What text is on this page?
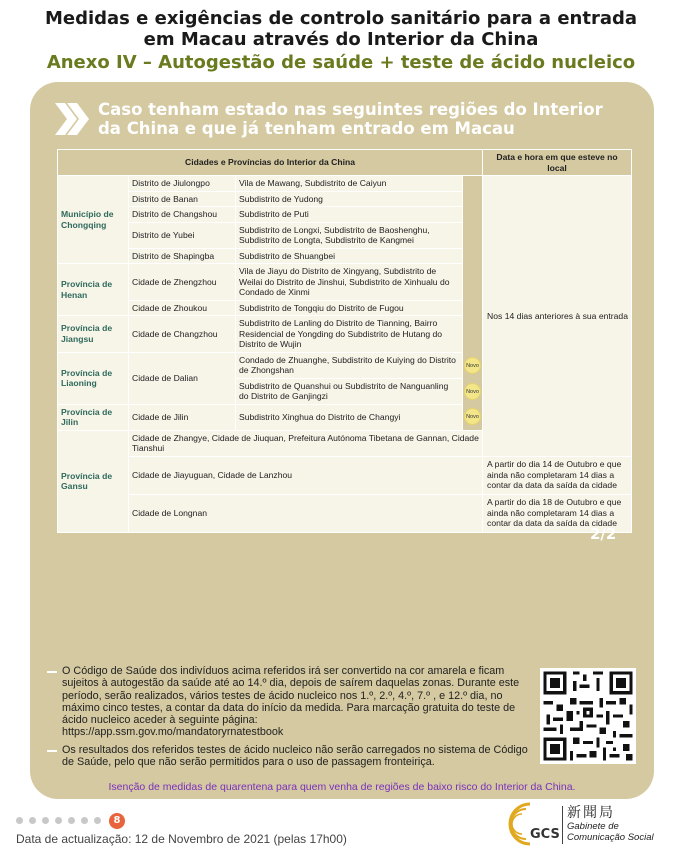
Medidas e exigências de controlo sanitário para a entrada
em Macau através do Interior da China
Anexo IV – Autogestão de saúde + teste de ácido nucleico
Caso tenham estado nas seguintes regiões do Interior
da China e que já tenham entrado em Macau
Cidades e Províncias do Interior da China				Data e hora em que esteve no local
Município de Chongqing	Distrito de Jiulongpo	Vila de Mawang, Subdistrito de Caiyun		Nos 14 dias anteriores à sua entrada
	Distrito de Banan	Subdistrito de Yudong		
	Distrito de Changshou	Subdistrito de Puti		
	Distrito de Yubei	Subdistrito de Longxi, Subdistrito de Baoshenghu, Subdistrito de Longta, Subdistrito de Kangmei		
	Distrito de Shapingba	Subdistrito de Shuangbei		
Província de Henan	Cidade de Zhengzhou	Vila de Jiayu do Distrito de Xingyang, Subdistrito de Weilai do Distrito de Jinshui, Subdistrito de Xinhualu do Condado de Xinmi		
	Cidade de Zhoukou	Subdistrito de Tongqiu do Distrito de Fugou		
Província de Jiangsu	Cidade de Changzhou	Subdistrito de Lanling do Distrito de Tianning, Bairro Residencial de Yongding do Subdistrito de Hutang do Distrito de Wujin		
Província de Liaoning	Cidade de Dalian	Condado de Zhuanghe, Subdistrito de Kuiying do Distrito de Zhongshan	Novo	
		Subdistrito de Quanshui ou Subdistrito de Nanguanling do Distrito de Ganjingzi	Novo	
Província de Jilin	Cidade de Jilin	Subdistrito Xinghua do Distrito de Changyi	Novo	
Província de Gansu	Cidade de Zhangye, Cidade de Jiuquan, Prefeitura Autónoma Tibetana de Gannan, Cidade Tianshui			
	Cidade de Jiayuguan, Cidade de Lanzhou			A partir do dia 14 de Outubro e que ainda não completaram 14 dias a contar da data da saída da cidade
	Cidade de Longnan			A partir do dia 18 de Outubro e que ainda não completaram 14 dias a contar da data da saída da cidade
2/2
O Código de Saúde dos indivíduos acima referidos irá ser convertido na cor amarela e ficam sujeitos à autogestão da saúde até ao 14.º dia, depois de saírem daquelas zonas. Durante este período, serão realizados, vários testes de ácido nucleico nos 1.º, 2.º, 4.º, 7.º , e 12.º dia, no máximo cinco testes, a contar da data do início da medida. Para marcação gratuita do teste de ácido nucleico aceder à seguinte página:
https://app.ssm.gov.mo/mandatoryrnatestbook
Os resultados dos referidos testes de ácido nucleico não serão carregados no sistema de Código de Saúde, pelo que não serão permitidos para o uso de passagem fronteiriça.
Isenção de medidas de quarentena para quem venha de regiões de baixo risco do Interior da China.
8
Data de actualização: 12 de Novembro de 2021 (pelas 17h00)	GCS
新聞局
Gabinete de
Comunicação Social
